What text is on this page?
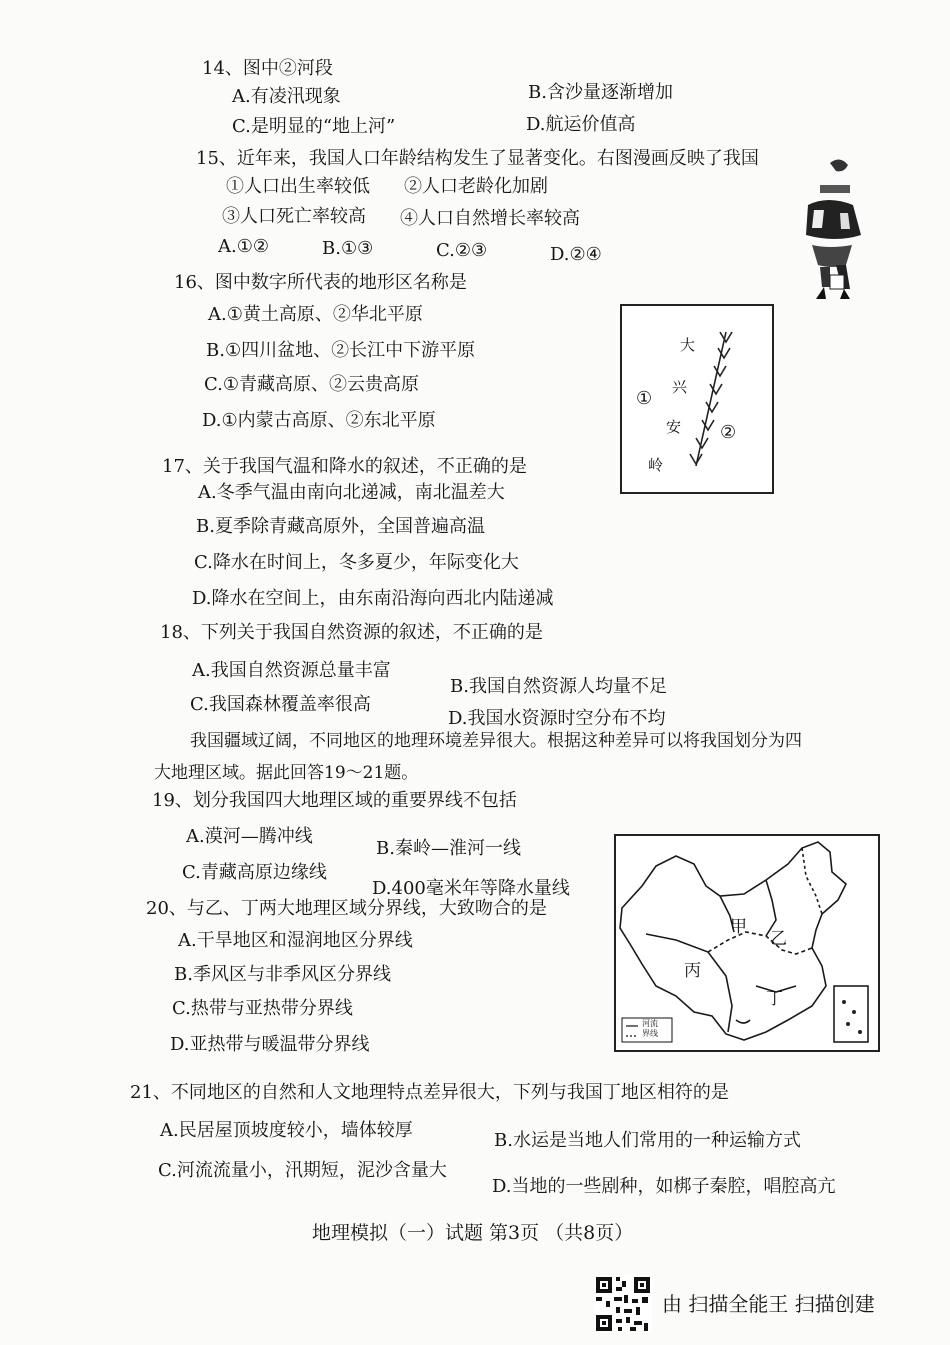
14、图中②河段
A.有凌汛现象	B.含沙量逐渐增加
C.是明显的“地上河”	D.航运价值高
15、近年来，我国人口年龄结构发生了显著变化。右图漫画反映了我国
①人口出生率较低 ②人口老龄化加剧
③人口死亡率较高 ④人口自然增长率较高
A.①②	B.①③	C.②③	D.②④
16、图中数字所代表的地形区名称是
A.①黄土高原、②华北平原
B.①四川盆地、②长江中下游平原
C.①青藏高原、②云贵高原
D.①内蒙古高原、②东北平原
大
兴
安
岭
①
②
17、关于我国气温和降水的叙述，不正确的是
A.冬季气温由南向北递减，南北温差大
B.夏季除青藏高原外，全国普遍高温
C.降水在时间上，冬多夏少，年际变化大
D.降水在空间上，由东南沿海向西北内陆递减
18、下列关于我国自然资源的叙述，不正确的是
A.我国自然资源总量丰富
B.我国自然资源人均量不足
C.我国森林覆盖率很高
D.我国水资源时空分布不均
我国疆域辽阔，不同地区的地理环境差异很大。根据这种差异可以将我国划分为四
大地理区域。据此回答19～21题。
19、划分我国四大地理区域的重要界线不包括
A.漠河—腾冲线
B.秦岭—淮河一线
C.青藏高原边缘线
D.400毫米年等降水量线
20、与乙、丁两大地理区域分界线，大致吻合的是
A.干旱地区和湿润地区分界线
B.季风区与非季风区分界线
C.热带与亚热带分界线
D.亚热带与暖温带分界线
甲
乙
丙
丁
河流
界线
21、不同地区的自然和人文地理特点差异很大，下列与我国丁地区相符的是
A.民居屋顶坡度较小，墙体较厚	B.水运是当地人们常用的一种运输方式
C.河流流量小，汛期短，泥沙含量大
D.当地的一些剧种，如梆子秦腔，唱腔高亢
地理模拟（一）试题 第3页 （共8页）
由 扫描全能王 扫描创建
